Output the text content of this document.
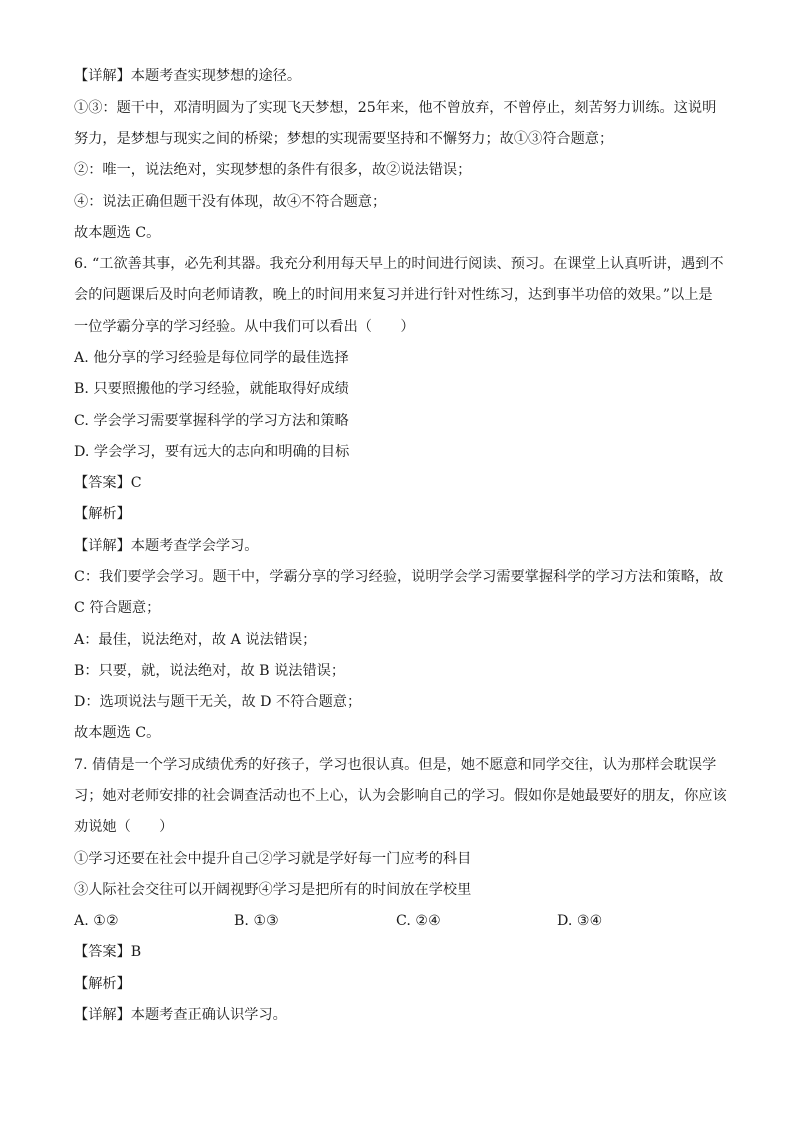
【详解】本题考查实现梦想的途径。
①③：题干中，邓清明圆为了实现飞天梦想，25年来，他不曾放弃，不曾停止，刻苦努力训练。这说明
努力，是梦想与现实之间的桥梁；梦想的实现需要坚持和不懈努力；故①③符合题意；
②：唯一，说法绝对，实现梦想的条件有很多，故②说法错误；
④：说法正确但题干没有体现，故④不符合题意；
故本题选 C。
6. “工欲善其事，必先利其器。我充分利用每天早上的时间进行阅读、预习。在课堂上认真听讲，遇到不
会的问题课后及时向老师请教，晚上的时间用来复习并进行针对性练习，达到事半功倍的效果。”以上是
一位学霸分享的学习经验。从中我们可以看出（　　）
A. 他分享的学习经验是每位同学的最佳选择
B. 只要照搬他的学习经验，就能取得好成绩
C. 学会学习需要掌握科学的学习方法和策略
D. 学会学习，要有远大的志向和明确的目标
【答案】C
【解析】
【详解】本题考查学会学习。
C：我们要学会学习。题干中，学霸分享的学习经验，说明学会学习需要掌握科学的学习方法和策略，故
C 符合题意；
A：最佳，说法绝对，故 A 说法错误；
B：只要，就，说法绝对，故 B 说法错误；
D：选项说法与题干无关，故 D 不符合题意；
故本题选 C。
7. 倩倩是一个学习成绩优秀的好孩子，学习也很认真。但是，她不愿意和同学交往，认为那样会耽误学
习；她对老师安排的社会调查活动也不上心，认为会影响自己的学习。假如你是她最要好的朋友，你应该
劝说她（　　）
①学习还要在社会中提升自己②学习就是学好每一门应考的科目
③人际社会交往可以开阔视野④学习是把所有的时间放在学校里
A. ①②	B. ①③	C. ②④	D. ③④
【答案】B
【解析】
【详解】本题考查正确认识学习。
